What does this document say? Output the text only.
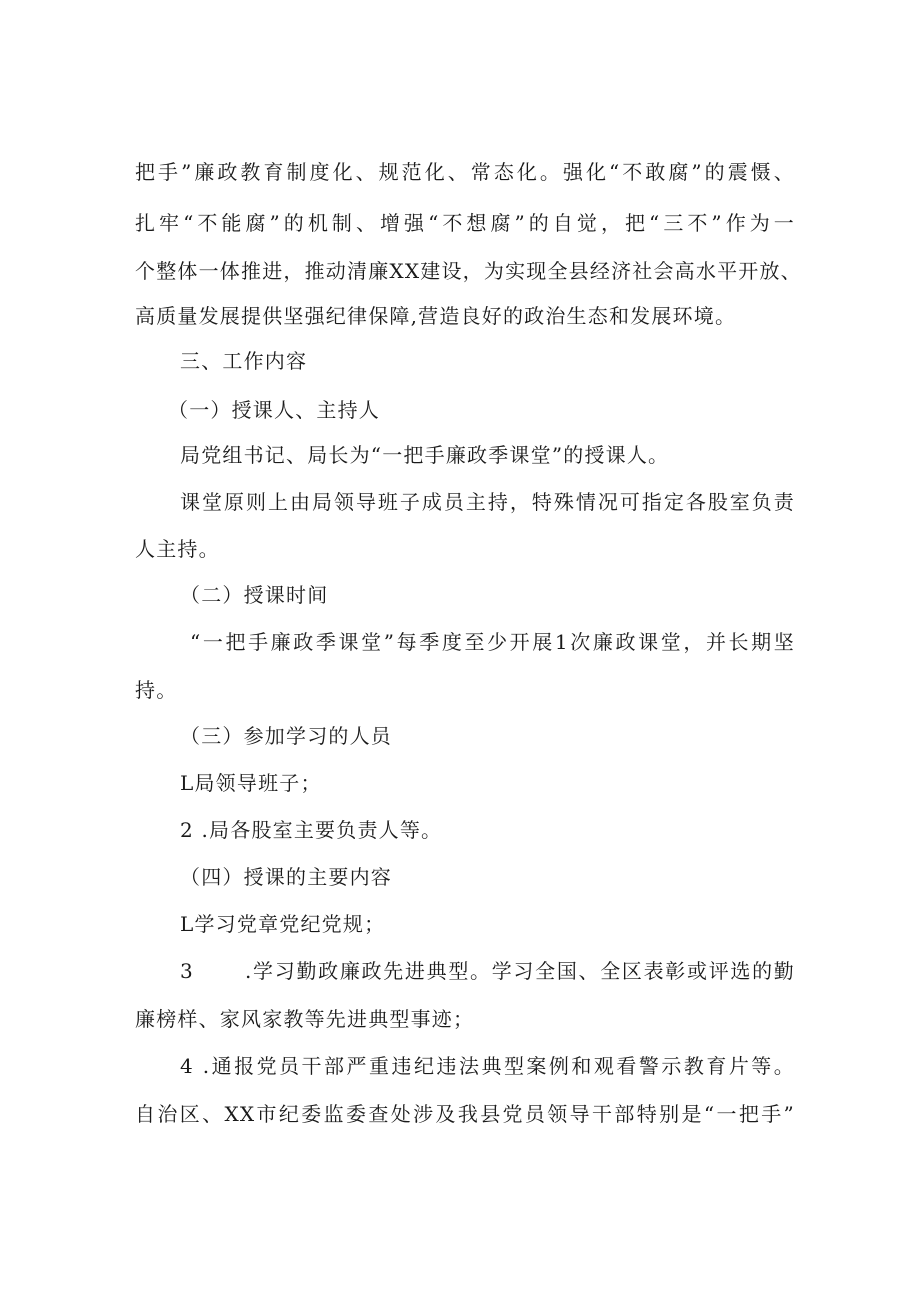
把手”廉政教育制度化、规范化、常态化。强化“不敢腐”的震慑、
扎牢“不能腐”的机制、增强“不想腐”的自觉，把“三不”作为一
个整体一体推进，推动清廉XX建设，为实现全县经济社会高水平开放、
高质量发展提供坚强纪律保障,营造良好的政治生态和发展环境。
三、工作内容
（一）授课人、主持人
局党组书记、局长为“一把手廉政季课堂”的授课人。
课堂原则上由局领导班子成员主持，特殊情况可指定各股室负责
人主持。
（二）授课时间
“一把手廉政季课堂”每季度至少开展1次廉政课堂，并长期坚
持。
（三）参加学习的人员
L局领导班子；
2 .局各股室主要负责人等。
（四）授课的主要内容
L学习党章党纪党规；
3	.学习勤政廉政先进典型。学习全国、全区表彰或评选的勤
廉榜样、家风家教等先进典型事迹；
4 .通报党员干部严重违纪违法典型案例和观看警示教育片等。
自治区、XX市纪委监委查处涉及我县党员领导干部特别是“一把手”
